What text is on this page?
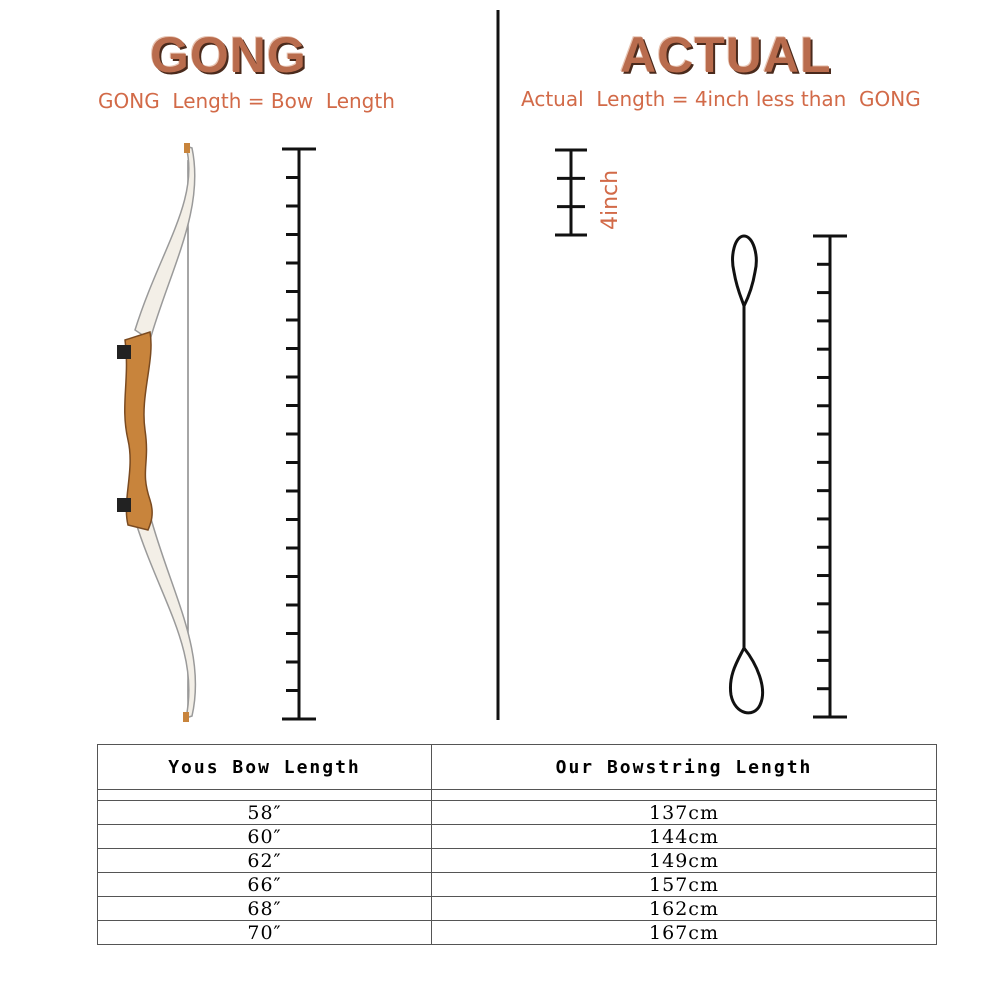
GONG
GONG  Length = Bow  Length
ACTUAL
Actual  Length = 4inch less than  GONG
4inch
Yous Bow Length	Our Bowstring Length

58″	137cm
60″	144cm
62″	149cm
66″	157cm
68″	162cm
70″	167cm
